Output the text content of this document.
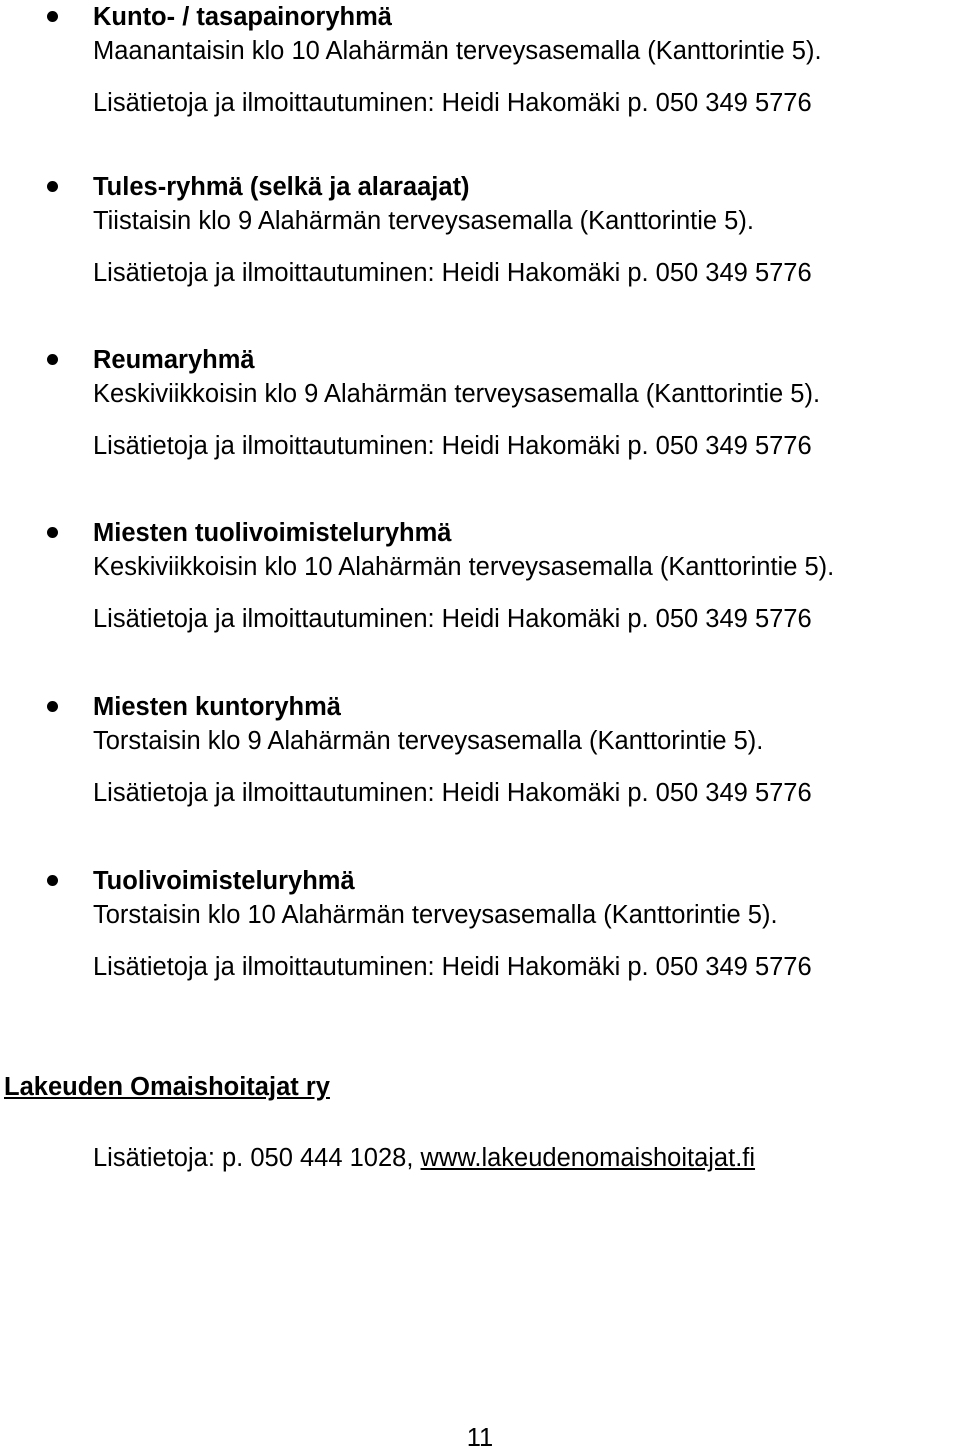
Kunto- / tasapainoryhmä
Maanantaisin klo 10 Alahärmän terveysasemalla (Kanttorintie 5).
Lisätietoja ja ilmoittautuminen: Heidi Hakomäki p. 050 349 5776
Tules-ryhmä (selkä ja alaraajat)
Tiistaisin klo 9 Alahärmän terveysasemalla (Kanttorintie 5).
Lisätietoja ja ilmoittautuminen: Heidi Hakomäki p. 050 349 5776
Reumaryhmä
Keskiviikkoisin klo 9 Alahärmän terveysasemalla (Kanttorintie 5).
Lisätietoja ja ilmoittautuminen: Heidi Hakomäki p. 050 349 5776
Miesten tuolivoimisteluryhmä
Keskiviikkoisin klo 10 Alahärmän terveysasemalla (Kanttorintie 5).
Lisätietoja ja ilmoittautuminen: Heidi Hakomäki p. 050 349 5776
Miesten kuntoryhmä
Torstaisin klo 9 Alahärmän terveysasemalla (Kanttorintie 5).
Lisätietoja ja ilmoittautuminen: Heidi Hakomäki p. 050 349 5776
Tuolivoimisteluryhmä
Torstaisin klo 10 Alahärmän terveysasemalla (Kanttorintie 5).
Lisätietoja ja ilmoittautuminen: Heidi Hakomäki p. 050 349 5776
Lakeuden Omaishoitajat ry
Lisätietoja: p. 050 444 1028, www.lakeudenomaishoitajat.fi
11
